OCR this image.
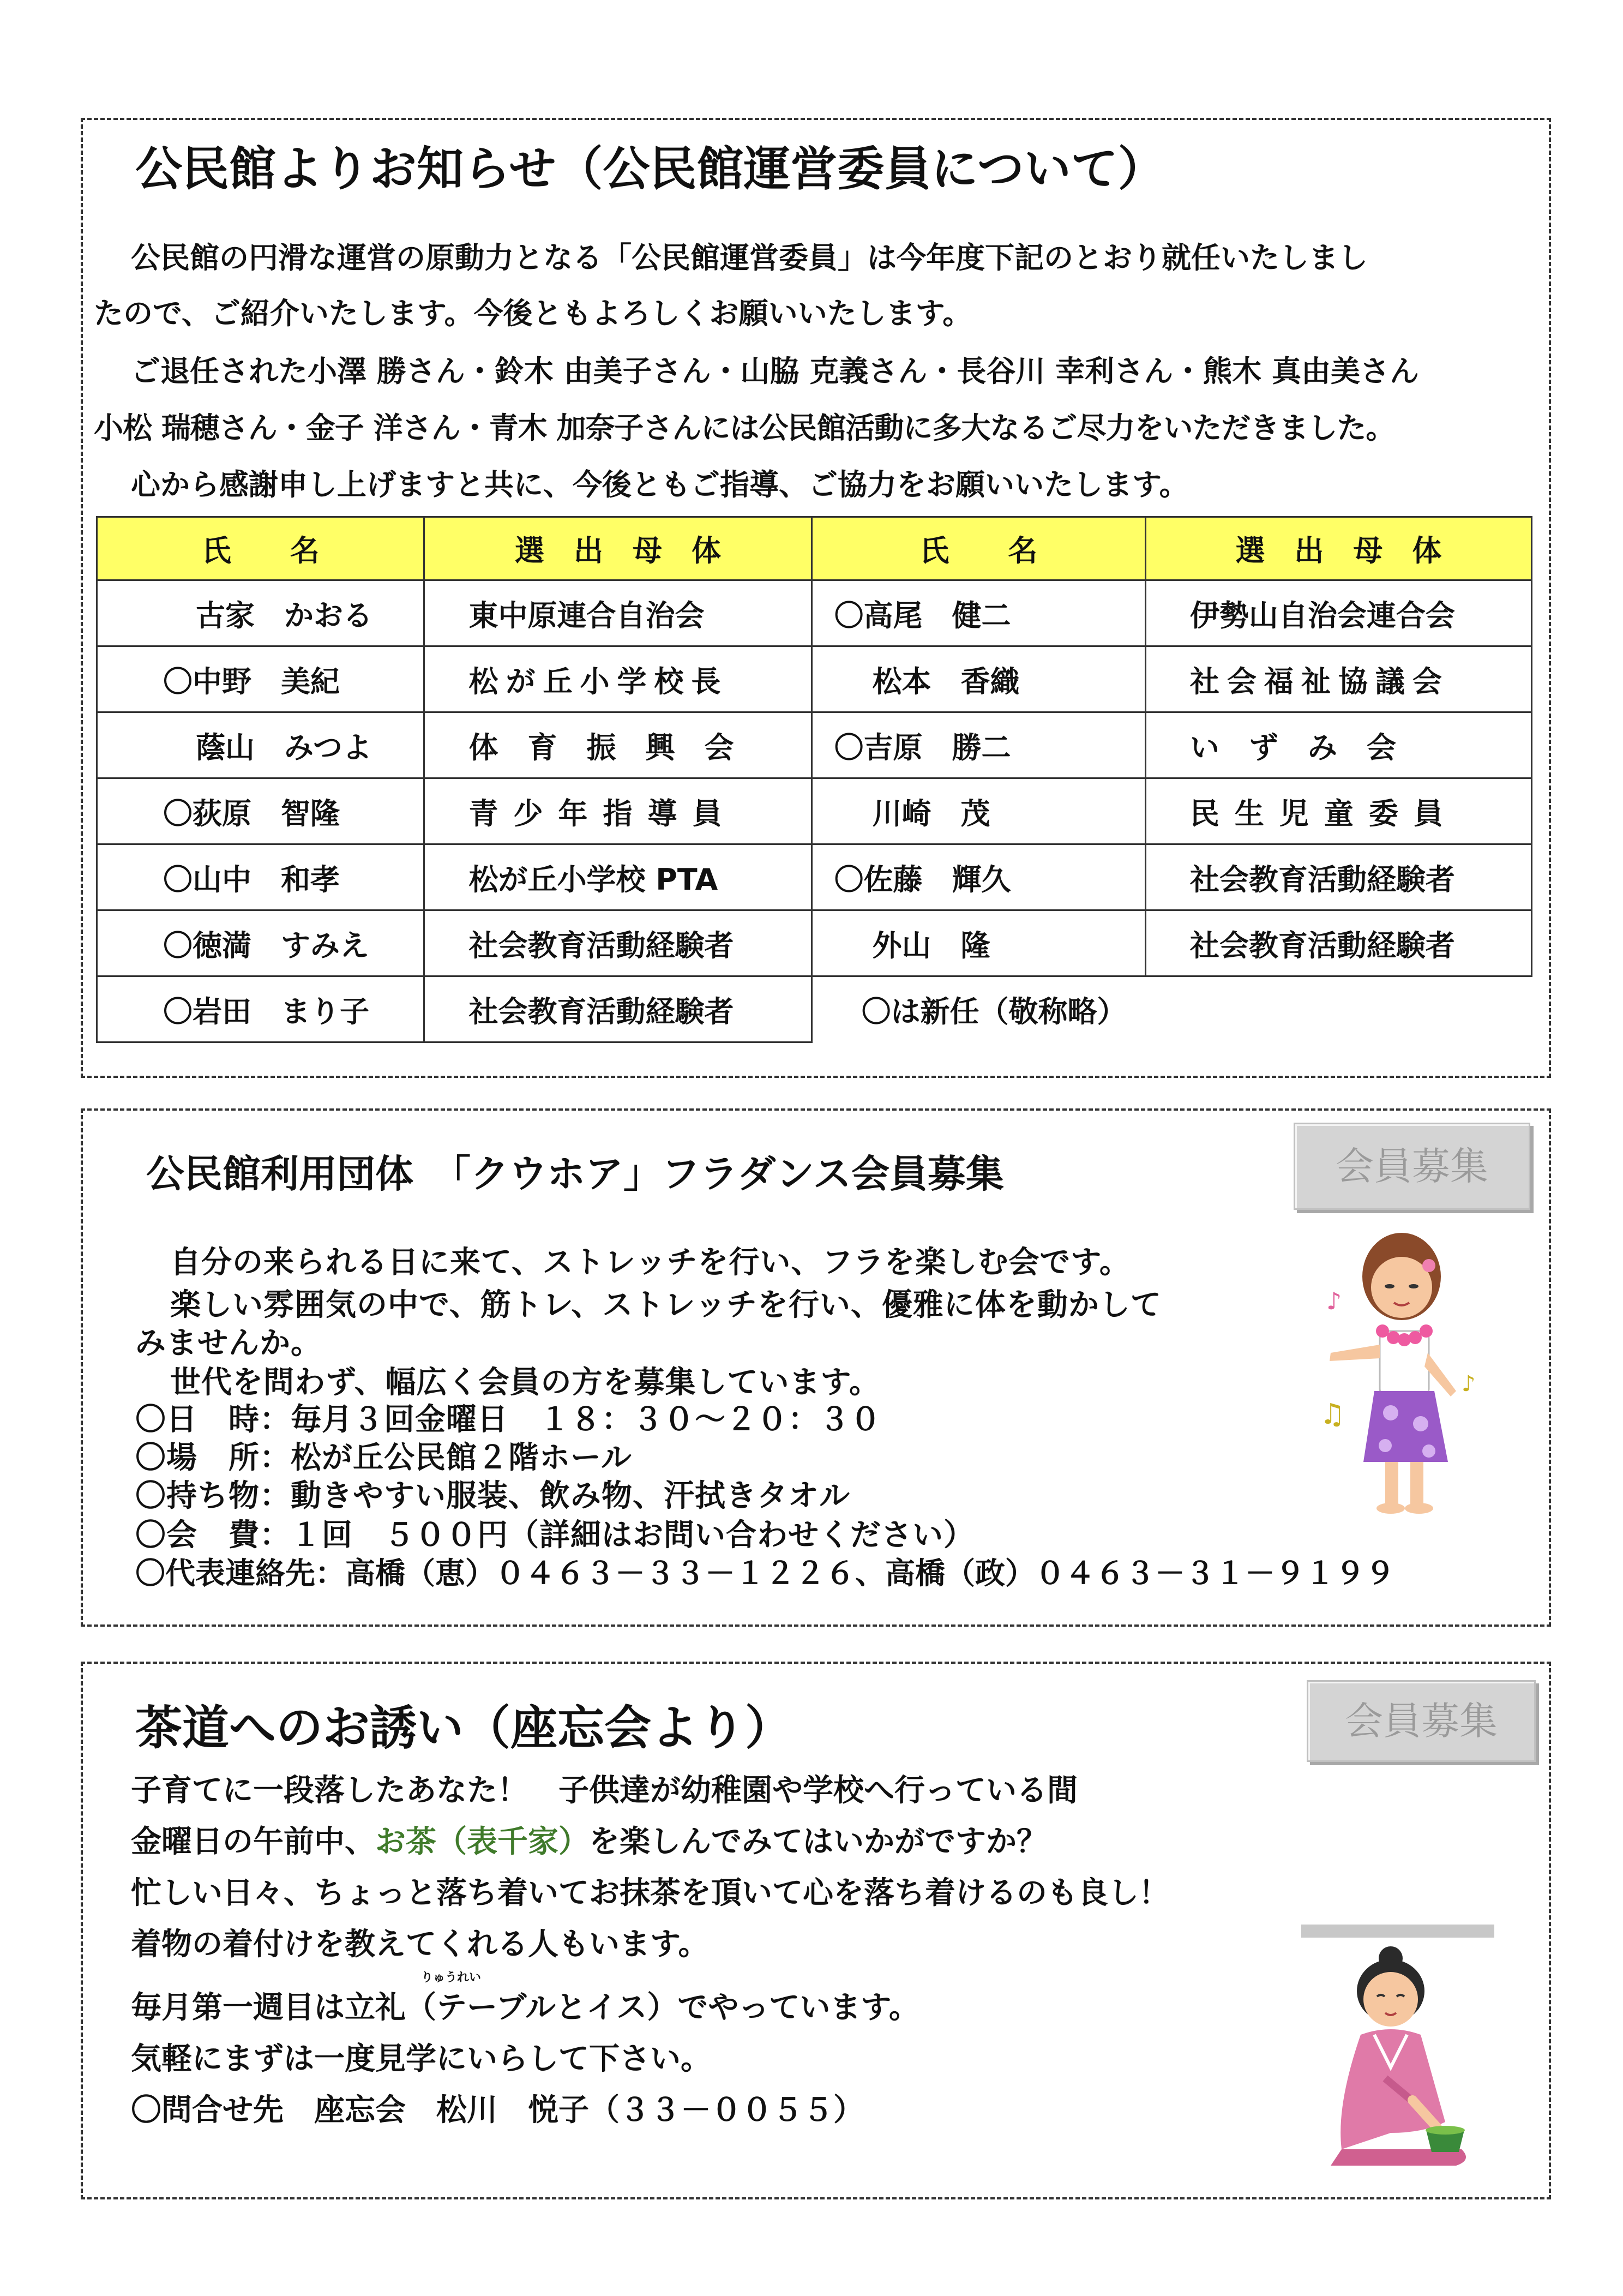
公民館よりお知らせ（公民館運営委員について）
公民館の円滑な運営の原動力となる「公民館運営委員」は今年度下記のとおり就任いたしまし
たので、ご紹介いたします。今後ともよろしくお願いいたします。
ご退任された小澤 勝さん・鈴木 由美子さん・山脇 克義さん・長谷川 幸利さん・熊木 真由美さん
小松 瑞穂さん・金子 洋さん・青木 加奈子さんには公民館活動に多大なるご尽力をいただきました。
心から感謝申し上げますと共に、今後ともご指導、ご協力をお願いいたします。
氏　　名	選　出　母　体	氏　　名	選　出　母　体
古家　かおる	東中原連合自治会	〇高尾　健二	伊勢山自治会連合会
〇中野　美紀	松が丘小学校長	松本　香織	社会福祉協議会
蔭山　みつよ	体　育　振　興　会	〇吉原　勝二	い　ず　み　会
〇荻原　智隆	青少年指導員	川崎　茂	民生児童委員
〇山中　和孝	松が丘小学校 PTA	〇佐藤　輝久	社会教育活動経験者
〇徳満　すみえ	社会教育活動経験者	外山　隆	社会教育活動経験者
〇岩田　まり子	社会教育活動経験者	〇は新任（敬称略）	
公民館利用団体　「クウホア」フラダンス会員募集	会員募集
自分の来られる日に来て、ストレッチを行い、フラを楽しむ会です。
楽しい雰囲気の中で、筋トレ、ストレッチを行い、優雅に体を動かして
みませんか。
世代を問わず、幅広く会員の方を募集しています。
〇日　時：毎月３回金曜日　１８：３０～２０：３０
〇場　所：松が丘公民館２階ホール
〇持ち物：動きやすい服装、飲み物、汗拭きタオル
〇会　費：１回　５００円（詳細はお問い合わせください）
〇代表連絡先：高橋（恵）０４６３－３３－１２２６、高橋（政）０４６３－３１－９１９９
♪
♪
♫
茶道へのお誘い（座忘会より）	会員募集
子育てに一段落したあなた！　子供達が幼稚園や学校へ行っている間
金曜日の午前中、お茶（表千家）を楽しんでみてはいかがですか？
忙しい日々、ちょっと落ち着いてお抹茶を頂いて心を落ち着けるのも良し！
着物の着付けを教えてくれる人もいます。
りゅうれい
毎月第一週目は立礼（テーブルとイス）でやっています。
気軽にまずは一度見学にいらして下さい。
〇問合せ先　座忘会　松川　悦子（３３－００５５）
